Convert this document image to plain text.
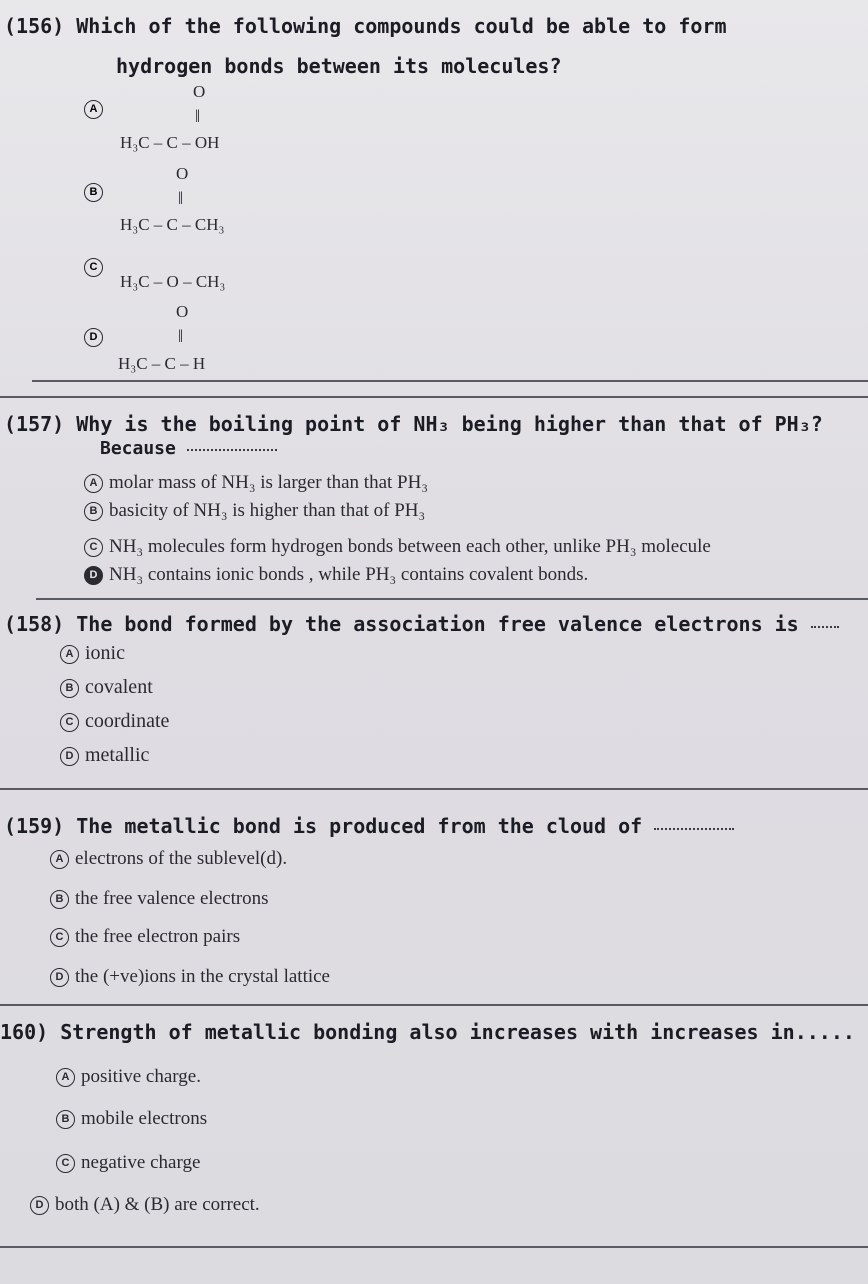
(156) Which of the following compounds could be able to form
hydrogen bonds between its molecules?
A
O
‖
H₃C – C – OH
B
O
‖
H₃C – C – CH₃
C
H₃C – O – CH₃
D
O
‖
H₃C – C – H
(157) Why is the boiling point of NH₃ being higher than that of PH₃?
Because
A molar mass of NH₃ is larger than that PH₃
B basicity of NH₃ is higher than that of PH₃
C NH₃ molecules form hydrogen bonds between each other, unlike PH₃ molecule
D NH₃ contains ionic bonds , while PH₃ contains covalent bonds.
(158) The bond formed by the association free valence electrons is
A ionic
B covalent
C coordinate
D metallic
(159) The metallic bond is produced from the cloud of
A electrons of the sublevel(d).
B the free valence electrons
C the free electron pairs
D the (+ve)ions in the crystal lattice
160) Strength of metallic bonding also increases with increases in.....
A positive charge.
B mobile electrons
C negative charge
D both (A) & (B) are correct.
